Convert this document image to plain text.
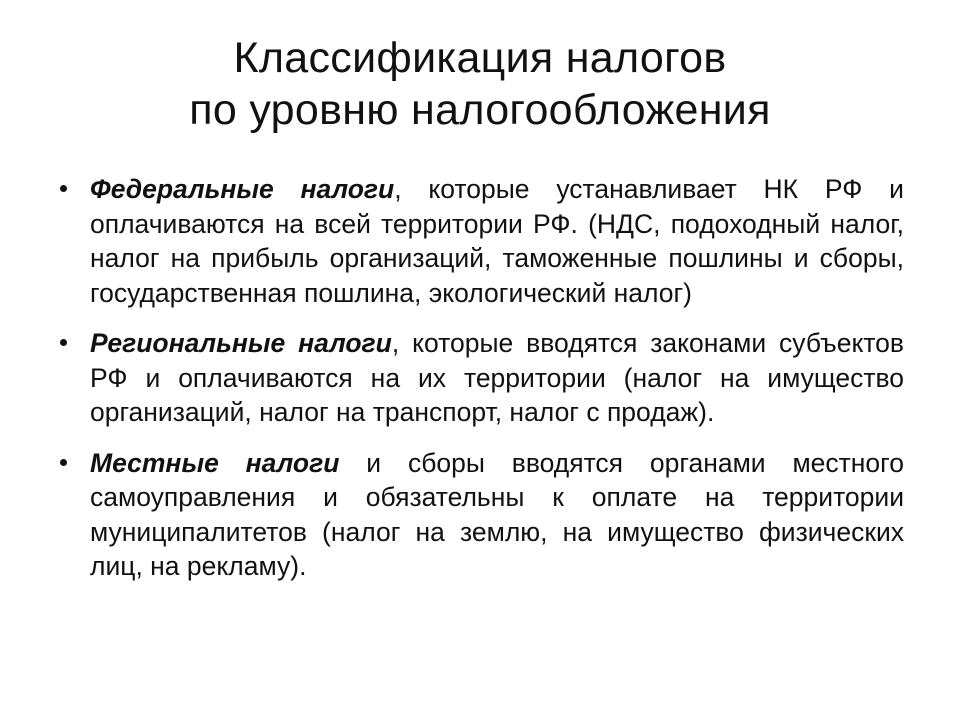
Классификация налогов
по уровню налогообложения
Федеральные налоги, которые устанавливает НК РФ и оплачиваются на всей территории РФ. (НДС, подоходный налог, налог на прибыль организаций, таможенные пошлины и сборы, государственная пошлина, экологический налог)
Региональные налоги, которые вводятся законами субъектов РФ и оплачиваются на их территории (налог на имущество организаций, налог на транспорт, налог с продаж).
Местные налоги и сборы вводятся органами местного самоуправления и обязательны к оплате на территории муниципалитетов (налог на землю, на имущество физических лиц, на рекламу).
